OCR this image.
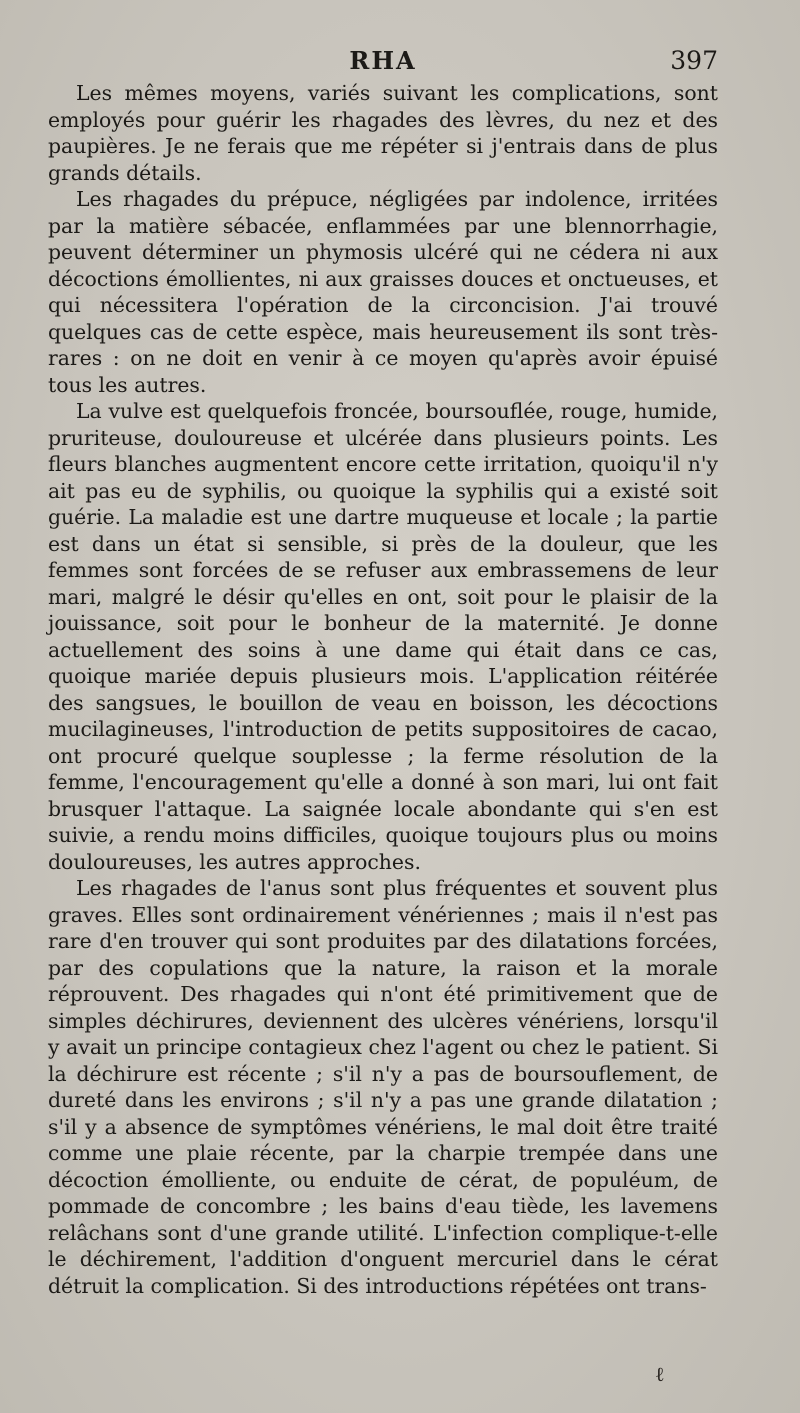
RHA	397

Les mêmes moyens, variés suivant les complications, sont employés pour guérir les rhagades des lèvres, du nez et des paupières. Je ne ferais que me répéter si j'entrais dans de plus grands détails.

Les rhagades du prépuce, négligées par indolence, irritées par la matière sébacée, enflammées par une blennorrhagie, peuvent déterminer un phymosis ulcéré qui ne cédera ni aux décoctions émollientes, ni aux graisses douces et onctueuses, et qui nécessitera l'opération de la circoncision. J'ai trouvé quelques cas de cette espèce, mais heureusement ils sont très-rares : on ne doit en venir à ce moyen qu'après avoir épuisé tous les autres.

La vulve est quelquefois froncée, boursouflée, rouge, humide, pruriteuse, douloureuse et ulcérée dans plusieurs points. Les fleurs blanches augmentent encore cette irritation, quoiqu'il n'y ait pas eu de syphilis, ou quoique la syphilis qui a existé soit guérie. La maladie est une dartre muqueuse et locale ; la partie est dans un état si sensible, si près de la douleur, que les femmes sont forcées de se refuser aux embrassemens de leur mari, malgré le désir qu'elles en ont, soit pour le plaisir de la jouissance, soit pour le bonheur de la maternité. Je donne actuellement des soins à une dame qui était dans ce cas, quoique mariée depuis plusieurs mois. L'application réitérée des sangsues, le bouillon de veau en boisson, les décoctions mucilagineuses, l'introduction de petits suppositoires de cacao, ont procuré quelque souplesse ; la ferme résolution de la femme, l'encouragement qu'elle a donné à son mari, lui ont fait brusquer l'attaque. La saignée locale abondante qui s'en est suivie, a rendu moins difficiles, quoique toujours plus ou moins douloureuses, les autres approches.

Les rhagades de l'anus sont plus fréquentes et souvent plus graves. Elles sont ordinairement vénériennes ; mais il n'est pas rare d'en trouver qui sont produites par des dilatations forcées, par des copulations que la nature, la raison et la morale réprouvent. Des rhagades qui n'ont été primitivement que de simples déchirures, deviennent des ulcères vénériens, lorsqu'il y avait un principe contagieux chez l'agent ou chez le patient. Si la déchirure est récente ; s'il n'y a pas de boursouflement, de dureté dans les environs ; s'il n'y a pas une grande dilatation ; s'il y a absence de symptômes vénériens, le mal doit être traité comme une plaie récente, par la charpie trempée dans une décoction émolliente, ou enduite de cérat, de populéum, de pommade de concombre ; les bains d'eau tiède, les lavemens relâchans sont d'une grande utilité. L'infection complique-t-elle le déchirement, l'addition d'onguent mercuriel dans le cérat détruit la complication. Si des introductions répétées ont trans-

ℓ
